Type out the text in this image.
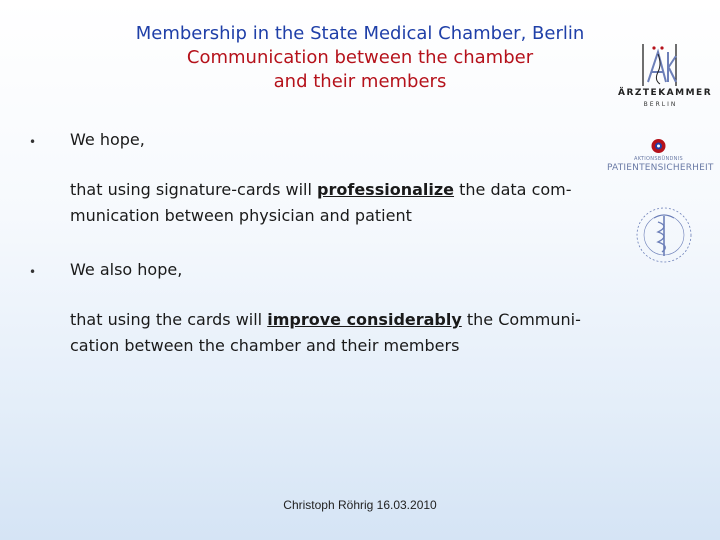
Membership in the State Medical Chamber, Berlin
Communication between the chamber
and their members
• We hope,
that using signature-cards will professionalize the data com-
munication between physician and patient
• We also hope,
that using the cards will improve considerably the Communi-
cation between the chamber and their members
ÄRZTEKAMMER
BERLIN
AKTIONSBÜNDNIS
PATIENTENSICHERHEIT
Christoph Röhrig 16.03.2010
